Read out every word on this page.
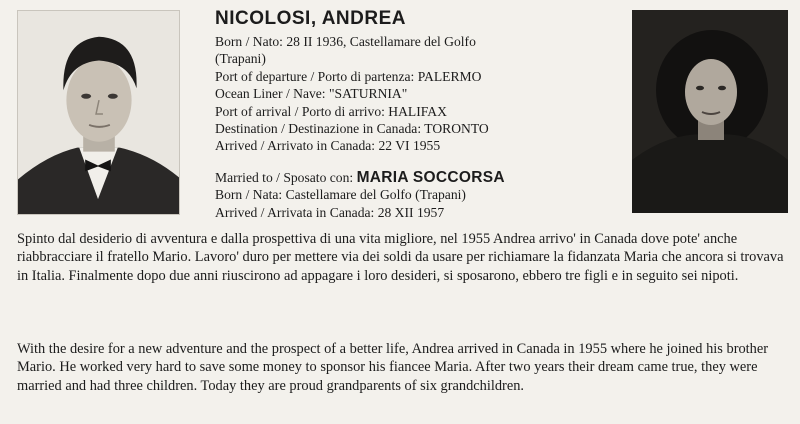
NICOLOSI, ANDREA
Born / Nato: 28 II 1936, Castellamare del Golfo
(Trapani)
Port of departure / Porto di partenza: PALERMO
Ocean Liner / Nave: "SATURNIA"
Port of arrival / Porto di arrivo: HALIFAX
Destination / Destinazione in Canada: TORONTO
Arrived / Arrivato in Canada: 22 VI 1955
Married to / Sposato con: MARIA SOCCORSA
Born / Nata: Castellamare del Golfo (Trapani)
Arrived / Arrivata in Canada: 28 XII 1957

Spinto dal desiderio di avventura e dalla prospettiva di una vita migliore, nel 1955 Andrea arrivo' in Canada dove pote' anche riabbracciare il fratello Mario. Lavoro' duro per mettere via dei soldi da usare per richiamare la fidanzata Maria che ancora si trovava in Italia. Finalmente dopo due anni riuscirono ad appagare i loro desideri, si sposarono, ebbero tre figli e in seguito sei nipoti.

With the desire for a new adventure and the prospect of a better life, Andrea arrived in Canada in 1955 where he joined his brother Mario. He worked very hard to save some money to sponsor his fiancee Maria. After two years their dream came true, they were married and had three children. Today they are proud grandparents of six grandchildren.
